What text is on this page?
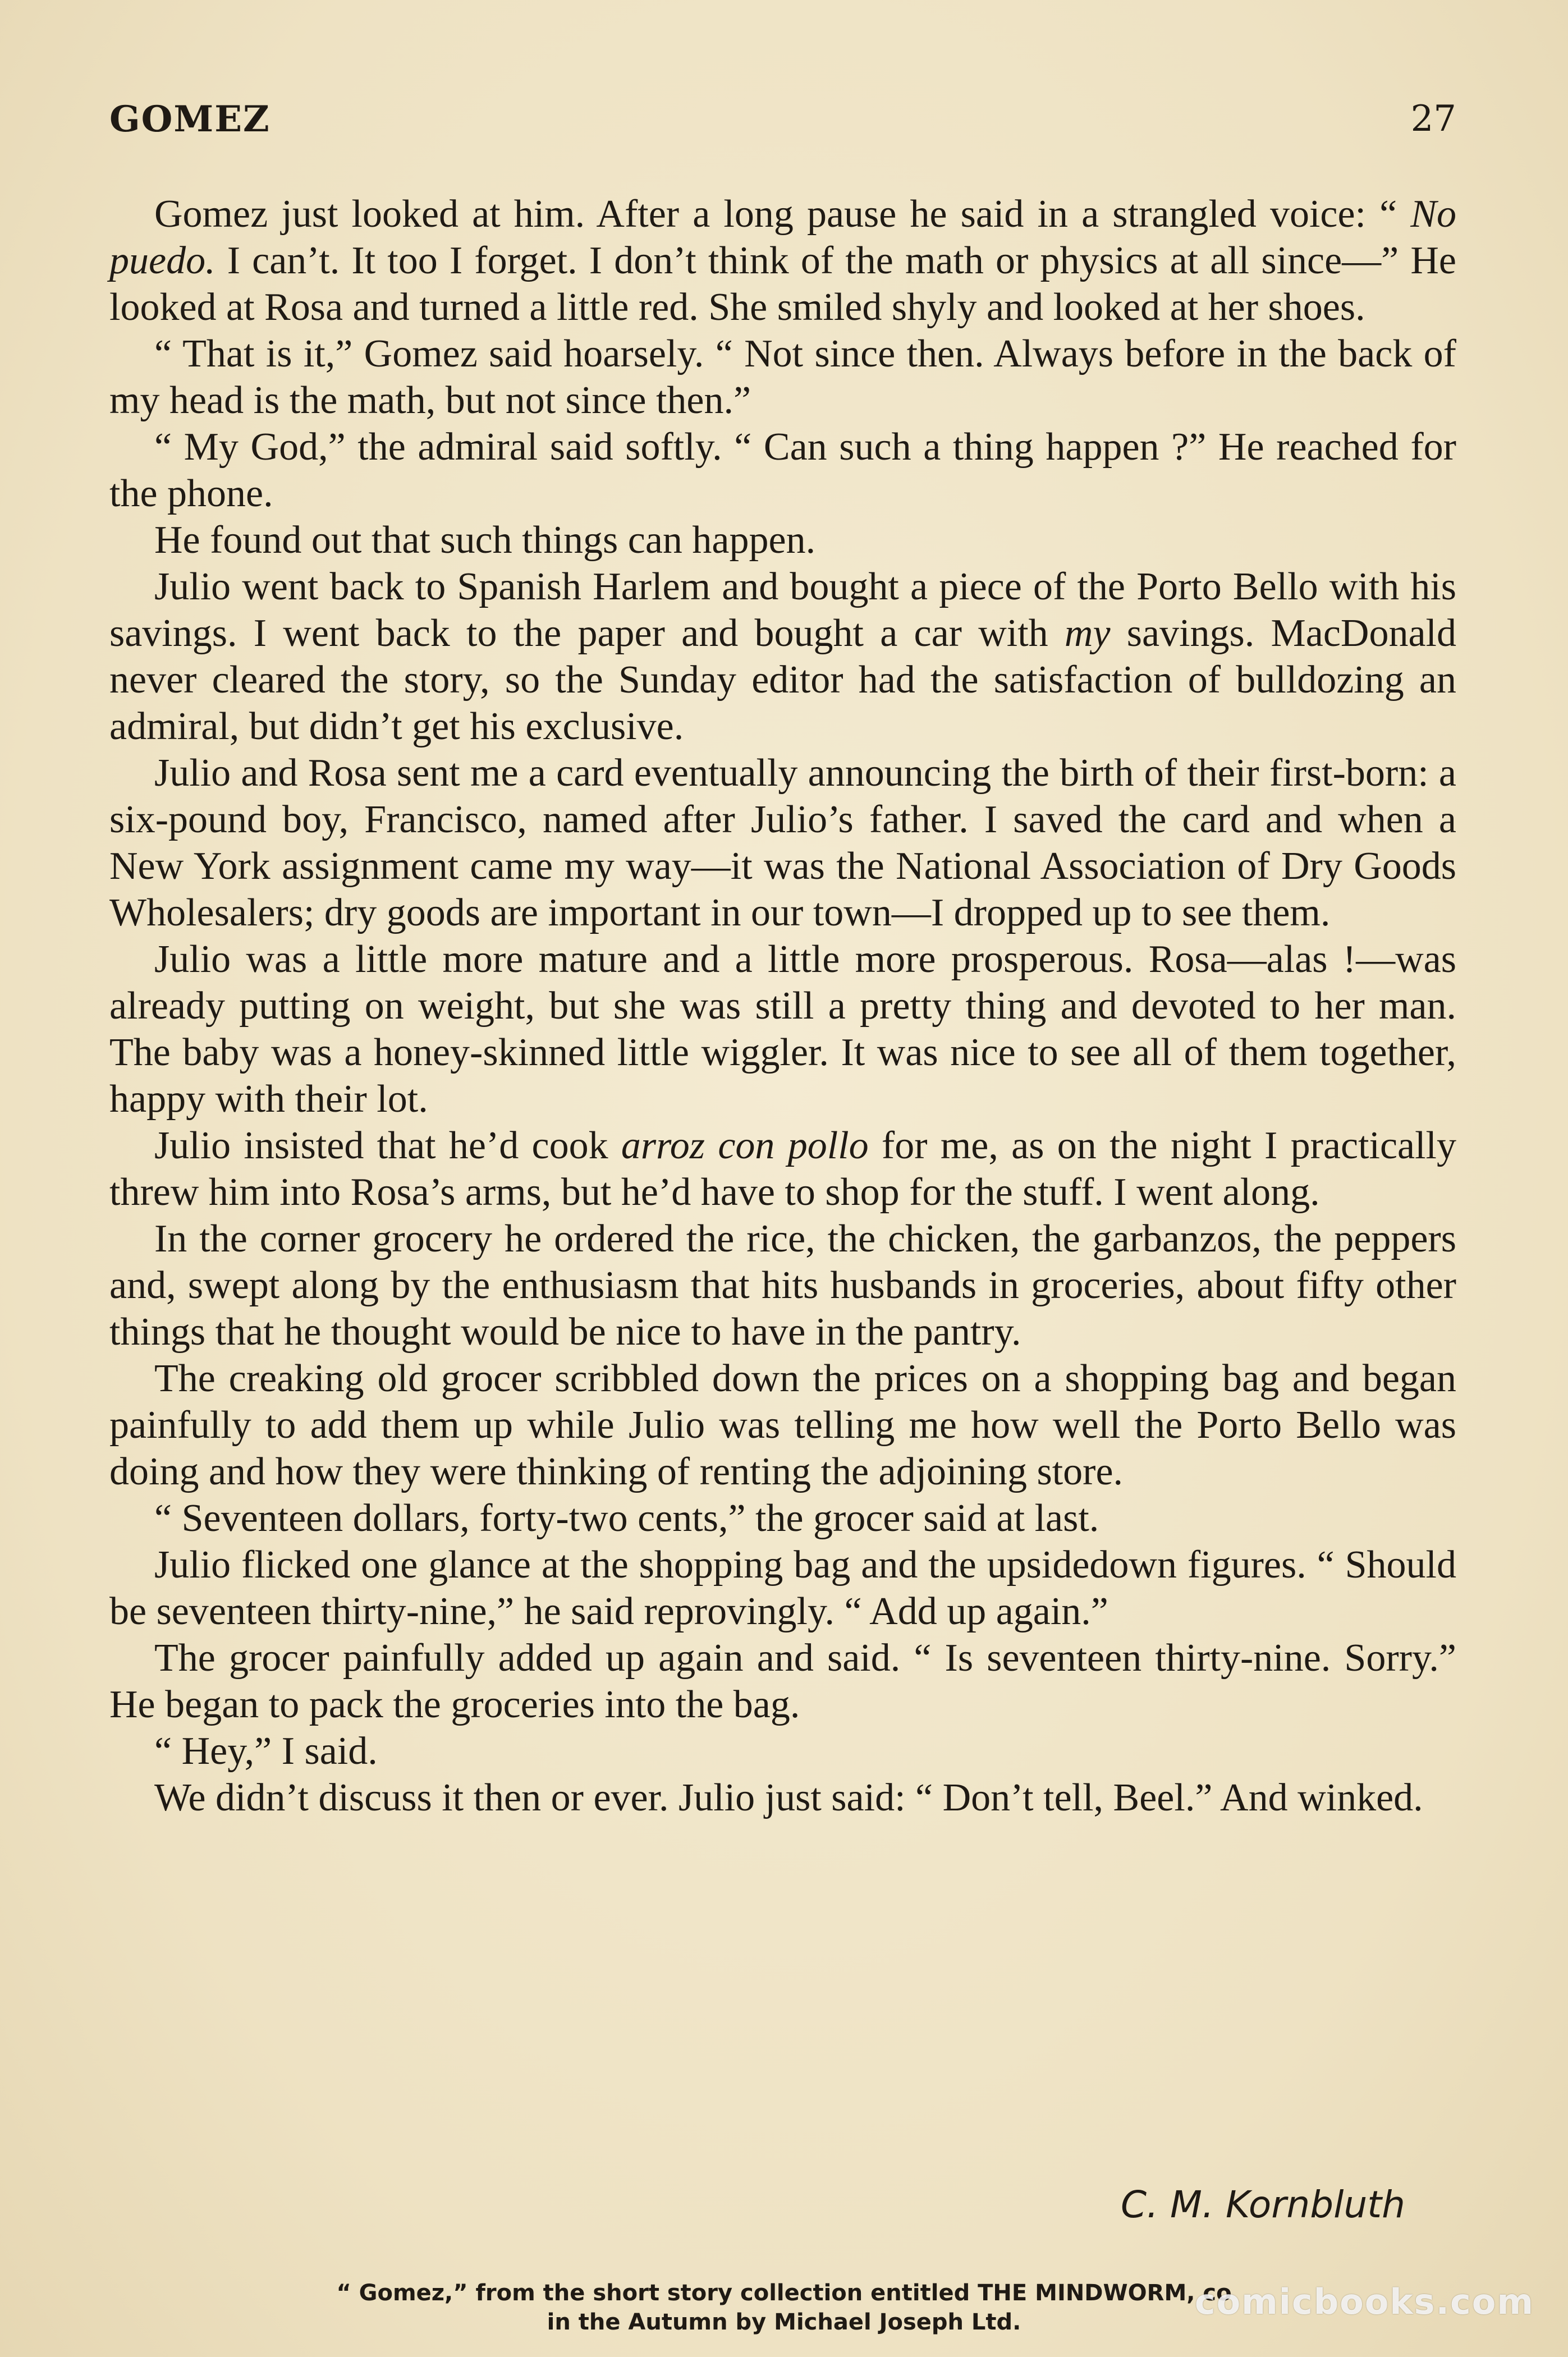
GOMEZ	27

Gomez just looked at him. After a long pause he said in a strangled voice: “ No puedo. I can’t. It too I forget. I don’t think of the math or physics at all since—” He looked at Rosa and turned a little red. She smiled shyly and looked at her shoes.

“ That is it,” Gomez said hoarsely. “ Not since then. Always before in the back of my head is the math, but not since then.”

“ My God,” the admiral said softly. “ Can such a thing happen ?” He reached for the phone.

He found out that such things can happen.

Julio went back to Spanish Harlem and bought a piece of the Porto Bello with his savings. I went back to the paper and bought a car with my savings. MacDonald never cleared the story, so the Sunday editor had the satisfaction of bulldozing an admiral, but didn’t get his exclusive.

Julio and Rosa sent me a card eventually announcing the birth of their first-born: a six-pound boy, Francisco, named after Julio’s father. I saved the card and when a New York assignment came my way—it was the National Association of Dry Goods Wholesalers; dry goods are important in our town—I dropped up to see them.

Julio was a little more mature and a little more prosperous. Rosa—alas !—was already putting on weight, but she was still a pretty thing and devoted to her man. The baby was a honey-skinned little wiggler. It was nice to see all of them together, happy with their lot.

Julio insisted that he’d cook arroz con pollo for me, as on the night I practically threw him into Rosa’s arms, but he’d have to shop for the stuff. I went along.

In the corner grocery he ordered the rice, the chicken, the garbanzos, the peppers and, swept along by the enthusiasm that hits husbands in groceries, about fifty other things that he thought would be nice to have in the pantry.

The creaking old grocer scribbled down the prices on a shopping bag and began painfully to add them up while Julio was telling me how well the Porto Bello was doing and how they were thinking of renting the adjoining store.

“ Seventeen dollars, forty-two cents,” the grocer said at last.

Julio flicked one glance at the shopping bag and the upsidedown figures. “ Should be seventeen thirty-nine,” he said reprovingly. “ Add up again.”

The grocer painfully added up again and said. “ Is seventeen thirty-nine. Sorry.” He began to pack the groceries into the bag.

“ Hey,” I said.

We didn’t discuss it then or ever. Julio just said: “ Don’t tell, Beel.” And winked.

C. M. Kornbluth
“ Gomez,” from the short story collection entitled THE MINDWORM, co
in the Autumn by Michael Joseph Ltd.	comicbooks.com
